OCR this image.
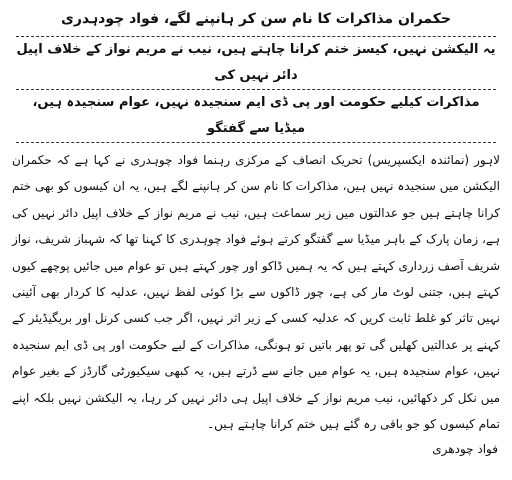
حکمران مذاکرات کا نام سن کر ہانپنے لگے، فواد چودہدری
یہ الیکشن نہیں، کیسز ختم کرانا چاہتے ہیں، نیب نے مریم نواز کے خلاف اپیل دائر نہیں کی
مذاکرات کیلیے حکومت اور پی ڈی ایم سنجیدہ نہیں، عوام سنجیدہ ہیں، میڈیا سے گفتگو
لاہور (نمائندہ ایکسپریس) تحریک انصاف کے مرکزی رہنما فواد چوہدری نے کہا ہے کہ حکمران الیکشن میں سنجیدہ نہیں ہیں، مذاکرات کا نام سن کر ہانپنے لگے ہیں، یہ ان کیسوں کو بھی ختم کرانا چاہتے ہیں جو عدالتوں میں زیر سماعت ہیں، نیب نے مریم نواز کے خلاف اپیل دائر نہیں کی ہے، زمان پارک کے باہر میڈیا سے گفتگو کرتے ہوئے فواد چوہدری کا کہنا تھا کہ شہباز شریف، نواز شریف آصف زرداری کہتے ہیں کہ یہ ہمیں ڈاکو اور چور کہتے ہیں تو عوام میں جائیں پوچھے کیوں کہتے ہیں، جتنی لوٹ مار کی ہے، چور ڈاکوں سے بڑا کوئی لفظ نہیں، عدلیہ کا کردار بھی آئینی نہیں تاثر کو غلط ثابت کریں کہ عدلیہ کسی کے زیر اثر نہیں، اگر جب کسی کرنل اور بریگیڈیئر کے کہنے پر عدالتیں کھلیں گی تو پھر باتیں تو ہونگی، مذاکرات کے لیے حکومت اور پی ڈی ایم سنجیدہ نہیں، عوام سنجیدہ ہیں، یہ عوام میں جانے سے ڈرتے ہیں، یہ کبھی سیکیورٹی گارڈز کے بغیر عوام میں نکل کر دکھائیں، نیب مریم نواز کے خلاف اپیل ہی دائر نہیں کر رہا، یہ الیکشن نہیں بلکہ اپنے تمام کیسوں کو جو باقی رہ گئے ہیں ختم کرانا چاہتے ہیں۔
فواد چودھری
